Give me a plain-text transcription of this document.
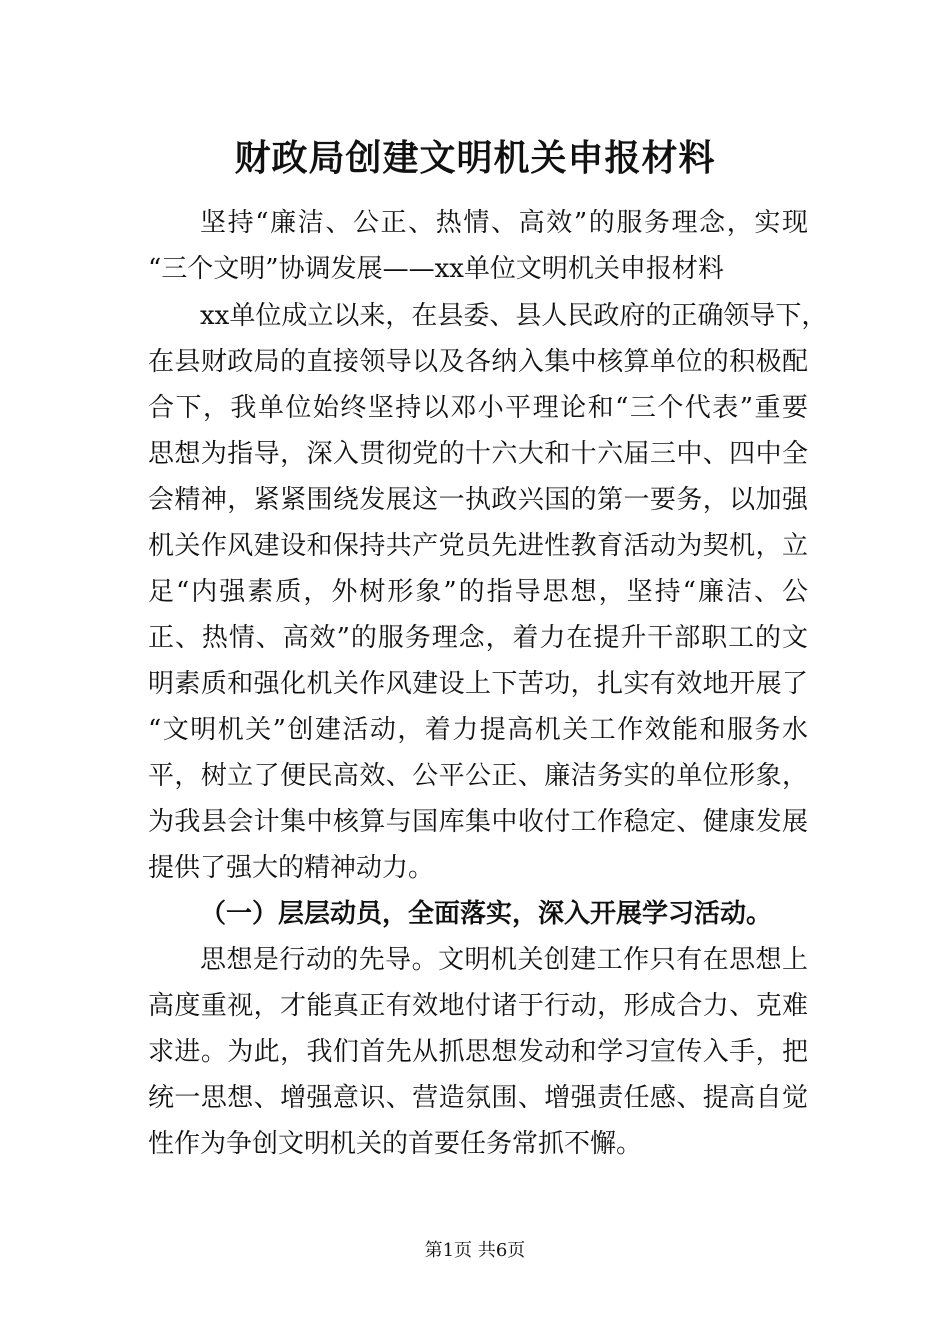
财政局创建文明机关申报材料
坚持“廉洁、公正、热情、高效”的服务理念，实现
“三个文明”协调发展——xx单位文明机关申报材料
xx单位成立以来，在县委、县人民政府的正确领导下，
在县财政局的直接领导以及各纳入集中核算单位的积极配
合下，我单位始终坚持以邓小平理论和“三个代表”重要
思想为指导，深入贯彻党的十六大和十六届三中、四中全
会精神，紧紧围绕发展这一执政兴国的第一要务，以加强
机关作风建设和保持共产党员先进性教育活动为契机，立
足“内强素质，外树形象”的指导思想，坚持“廉洁、公
正、热情、高效”的服务理念，着力在提升干部职工的文
明素质和强化机关作风建设上下苦功，扎实有效地开展了
“文明机关”创建活动，着力提高机关工作效能和服务水
平，树立了便民高效、公平公正、廉洁务实的单位形象，
为我县会计集中核算与国库集中收付工作稳定、健康发展
提供了强大的精神动力。
（一）层层动员，全面落实，深入开展学习活动。
思想是行动的先导。文明机关创建工作只有在思想上
高度重视，才能真正有效地付诸于行动，形成合力、克难
求进。为此，我们首先从抓思想发动和学习宣传入手，把
统一思想、增强意识、营造氛围、增强责任感、提高自觉
性作为争创文明机关的首要任务常抓不懈。
第1页 共6页
